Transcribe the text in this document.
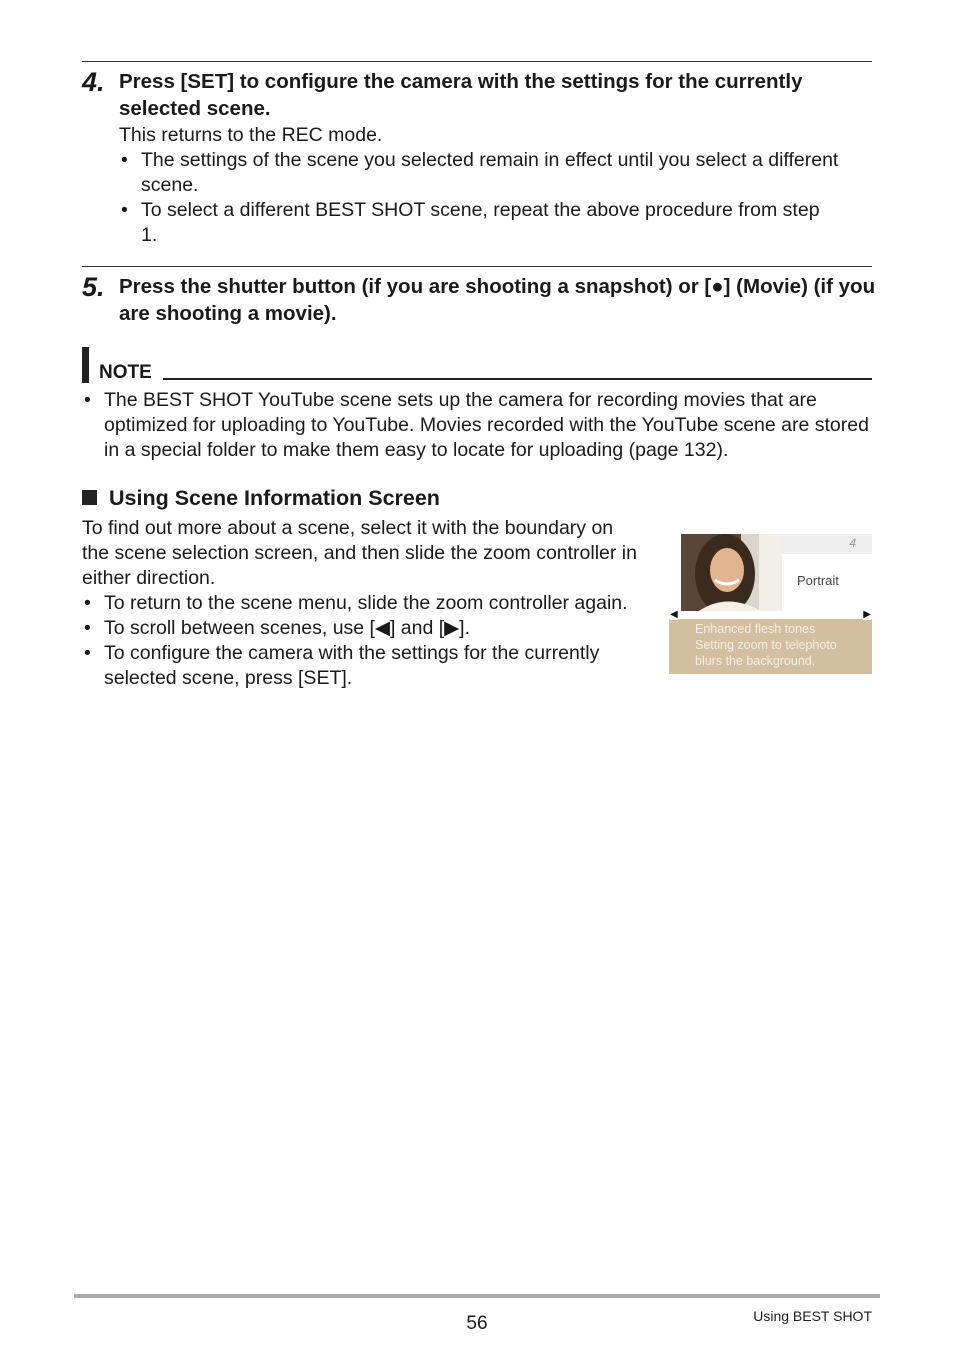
4. Press [SET] to configure the camera with the settings for the currently selected scene.

This returns to the REC mode.

• The settings of the scene you selected remain in effect until you select a different scene.
• To select a different BEST SHOT scene, repeat the above procedure from step 1.
5. Press the shutter button (if you are shooting a snapshot) or [●] (Movie) (if you are shooting a movie).

NOTE
• The BEST SHOT YouTube scene sets up the camera for recording movies that are optimized for uploading to YouTube. Movies recorded with the YouTube scene are stored in a special folder to make them easy to locate for uploading (page 132).
Using Scene Information Screen

To find out more about a scene, select it with the boundary on the scene selection screen, and then slide the zoom controller in either direction.

• To return to the scene menu, slide the zoom controller again.
• To scroll between scenes, use [◀] and [▶].
• To configure the camera with the settings for the currently selected scene, press [SET].
4
Portrait
◀	▶
Enhanced flesh tones
Setting zoom to telephoto
blurs the background.
56	Using BEST SHOT
